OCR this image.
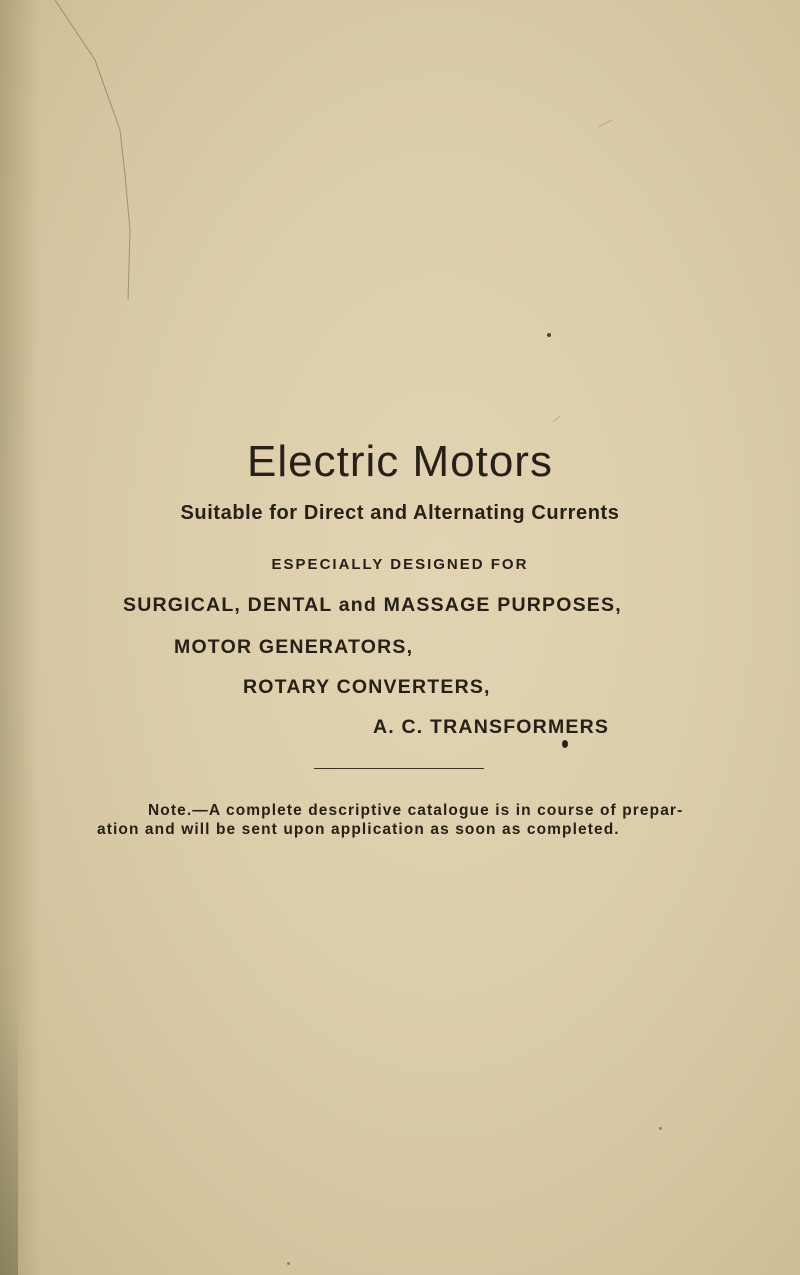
Electric Motors
Suitable for Direct and Alternating Currents
ESPECIALLY DESIGNED FOR
SURGICAL, DENTAL and MASSAGE PURPOSES,
MOTOR GENERATORS,
ROTARY CONVERTERS,
A. C. TRANSFORMERS
Note.—A complete descriptive catalogue is in course of prepar-
ation and will be sent upon application as soon as completed.
